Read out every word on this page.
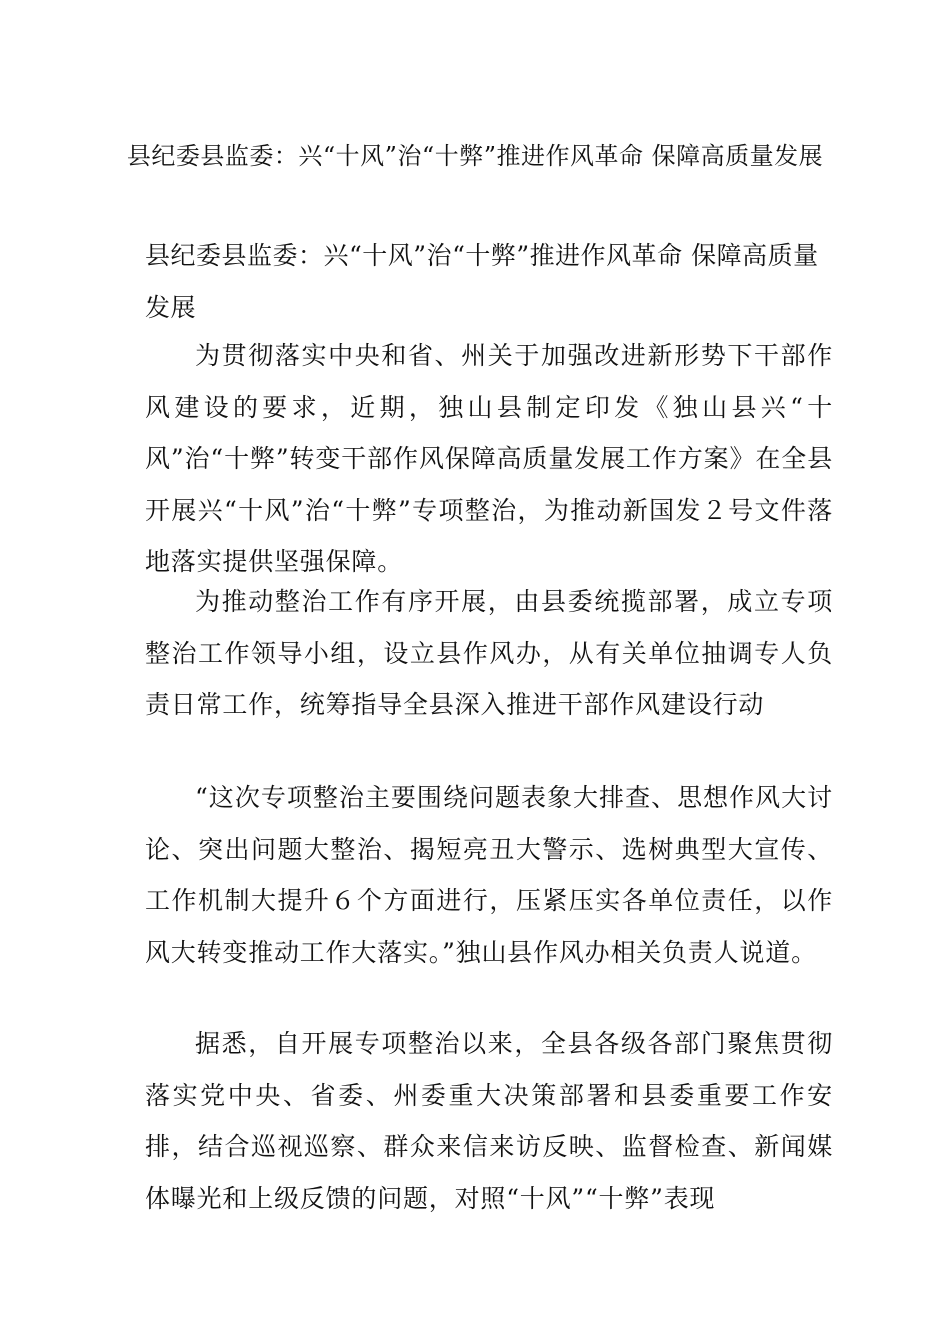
县纪委县监委：兴“十风”治“十弊”推进作风革命 保障高质量发展
县纪委县监委：兴“十风”治“十弊”推进作风革命 保障高质量发展
为贯彻落实中央和省、州关于加强改进新形势下干部作风建设的要求，近期，独山县制定印发《独山县兴“十风”治“十弊”转变干部作风保障高质量发展工作方案》在全县开展兴“十风”治“十弊”专项整治，为推动新国发２号文件落地落实提供坚强保障。
为推动整治工作有序开展，由县委统揽部署，成立专项整治工作领导小组，设立县作风办，从有关单位抽调专人负责日常工作，统筹指导全县深入推进干部作风建设行动
“这次专项整治主要围绕问题表象大排查、思想作风大讨论、突出问题大整治、揭短亮丑大警示、选树典型大宣传、工作机制大提升６个方面进行，压紧压实各单位责任，以作风大转变推动工作大落实。”独山县作风办相关负责人说道。
据悉，自开展专项整治以来，全县各级各部门聚焦贯彻落实党中央、省委、州委重大决策部署和县委重要工作安排，结合巡视巡察、群众来信来访反映、监督检查、新闻媒体曝光和上级反馈的问题，对照“十风”“十弊”表现
